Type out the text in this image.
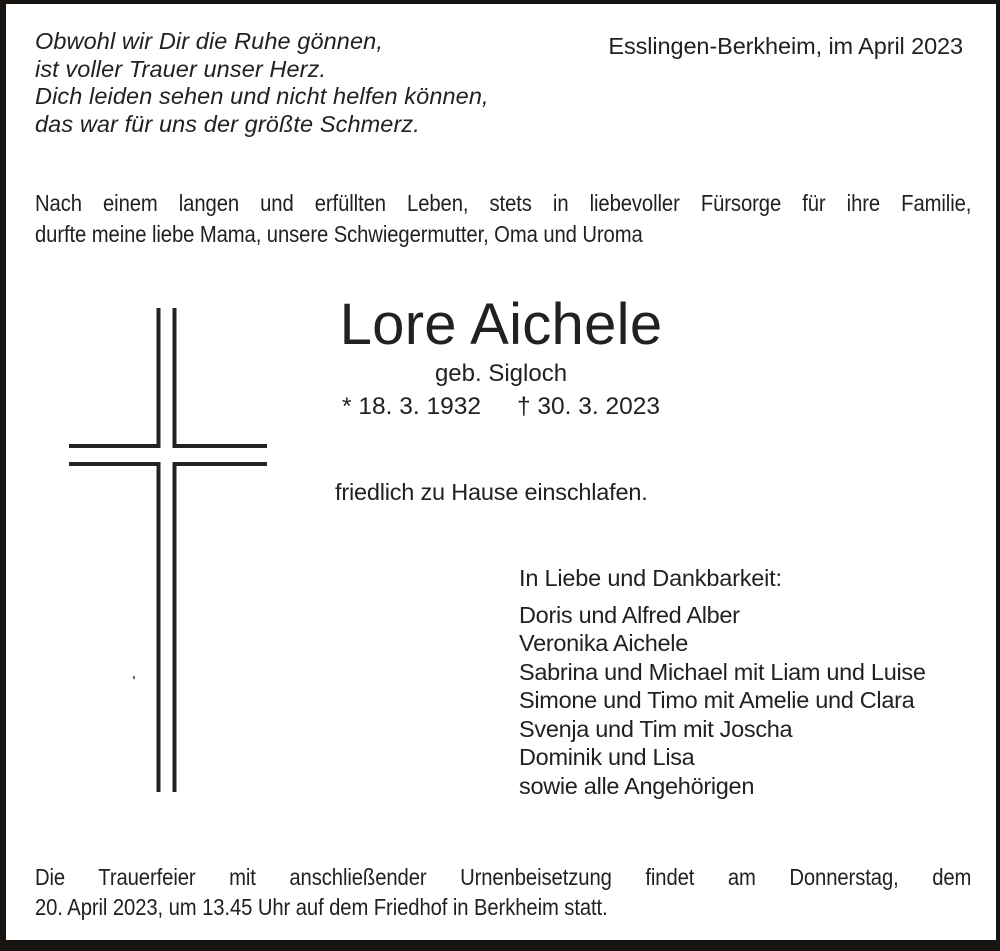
Obwohl wir Dir die Ruhe gönnen,
ist voller Trauer unser Herz.
Dich leiden sehen und nicht helfen können,
das war für uns der größte Schmerz.
Esslingen-Berkheim, im April 2023
Nach einem langen und erfüllten Leben, stets in liebevoller Fürsorge für ihre Familie,
durfte meine liebe Mama, unsere Schwiegermutter, Oma und Uroma
Lore Aichele
geb. Sigloch
* 18. 3. 1932 † 30. 3. 2023
friedlich zu Hause einschlafen.
In Liebe und Dankbarkeit:
Doris und Alfred Alber
Veronika Aichele
Sabrina und Michael mit Liam und Luise
Simone und Timo mit Amelie und Clara
Svenja und Tim mit Joscha
Dominik und Lisa
sowie alle Angehörigen
Die Trauerfeier mit anschließender Urnenbeisetzung findet am Donnerstag, dem
20. April 2023, um 13.45 Uhr auf dem Friedhof in Berkheim statt.
